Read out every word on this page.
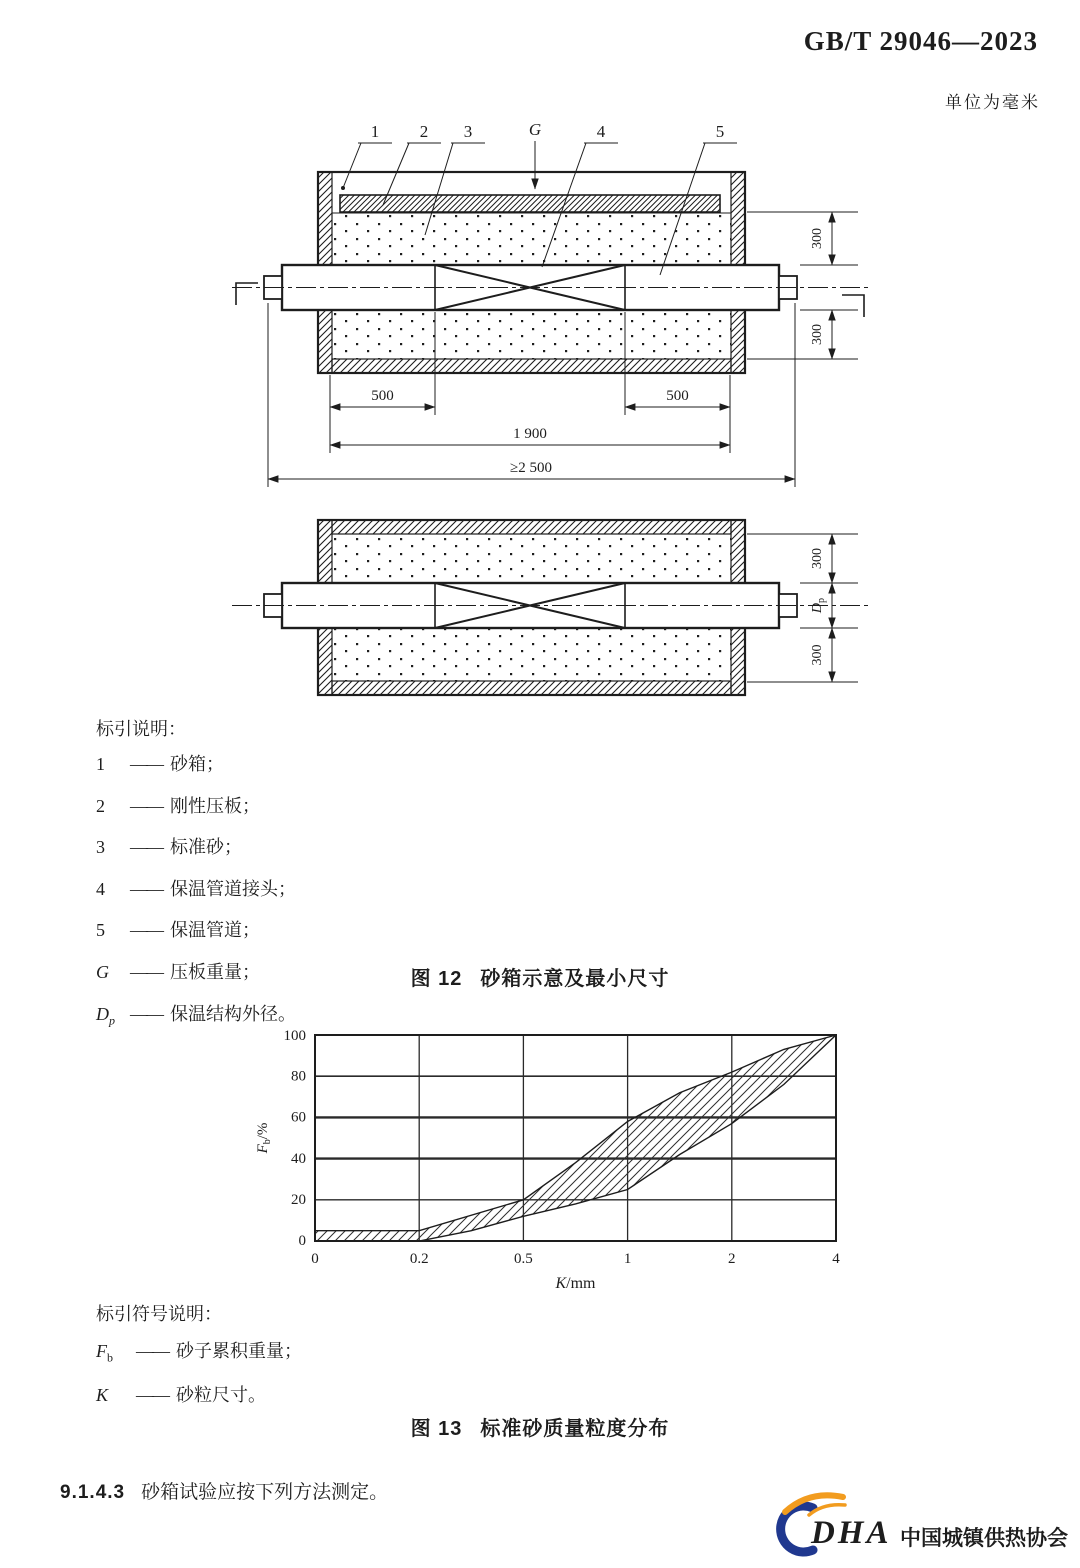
GB/T 29046—2023
单位为毫米
1 2 3	G	4	5
300
300
500	500
1 900
≥2 500
300
$D_p$
300
标引说明：
1	—— 砂箱；
2	—— 刚性压板；
3	—— 标准砂；
4	—— 保温管道接头；
5	—— 保温管道；
G	—— 压板重量；
$D_p$ —— 保温结构外径。
图 12 砂箱示意及最小尺寸
0
20
40
60
80
100
0	0.2	0.5	1	2	4
$F_b/\%$
K/mm
标引符号说明：
$F_b$	—— 砂子累积重量；
K	—— 砂粒尺寸。
图 13 标准砂质量粒度分布
9.1.4.3 砂箱试验应按下列方法测定。
DHA 中国城镇供热协会
